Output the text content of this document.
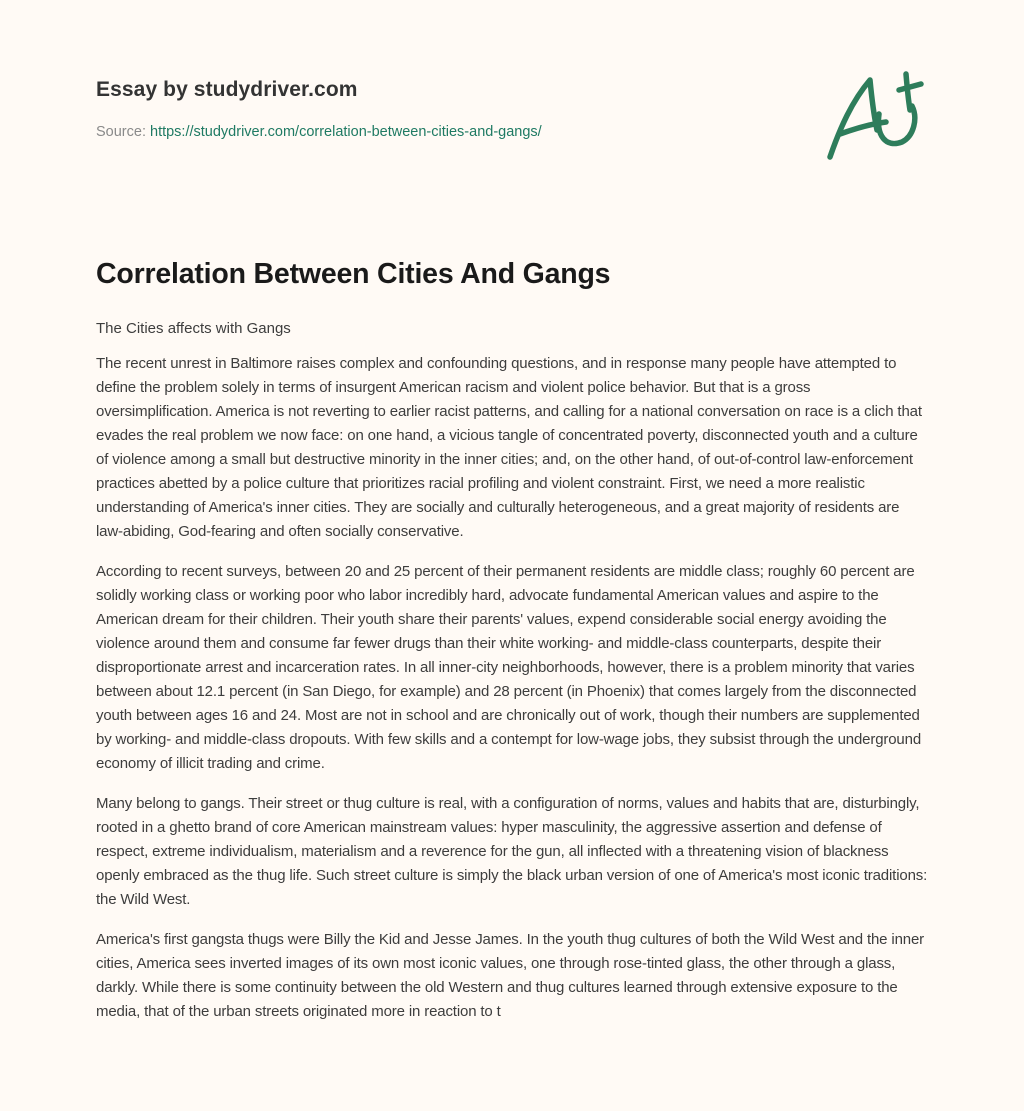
Essay by studydriver.com
Source: https://studydriver.com/correlation-between-cities-and-gangs/
Correlation Between Cities And Gangs

The Cities affects with Gangs

The recent unrest in Baltimore raises complex and confounding questions, and in response many people have attempted to define the problem solely in terms of insurgent American racism and violent police behavior. But that is a gross oversimplification. America is not reverting to earlier racist patterns, and calling for a national conversation on race is a clich that evades the real problem we now face: on one hand, a vicious tangle of concentrated poverty, disconnected youth and a culture of violence among a small but destructive minority in the inner cities; and, on the other hand, of out-of-control law-enforcement practices abetted by a police culture that prioritizes racial profiling and violent constraint. First, we need a more realistic understanding of America's inner cities. They are socially and culturally heterogeneous, and a great majority of residents are law-abiding, God-fearing and often socially conservative.

According to recent surveys, between 20 and 25 percent of their permanent residents are middle class; roughly 60 percent are solidly working class or working poor who labor incredibly hard, advocate fundamental American values and aspire to the American dream for their children. Their youth share their parents' values, expend considerable social energy avoiding the violence around them and consume far fewer drugs than their white working- and middle-class counterparts, despite their disproportionate arrest and incarceration rates. In all inner-city neighborhoods, however, there is a problem minority that varies between about 12.1 percent (in San Diego, for example) and 28 percent (in Phoenix) that comes largely from the disconnected youth between ages 16 and 24. Most are not in school and are chronically out of work, though their numbers are supplemented by working- and middle-class dropouts. With few skills and a contempt for low-wage jobs, they subsist through the underground economy of illicit trading and crime.

Many belong to gangs. Their street or thug culture is real, with a configuration of norms, values and habits that are, disturbingly, rooted in a ghetto brand of core American mainstream values: hyper masculinity, the aggressive assertion and defense of respect, extreme individualism, materialism and a reverence for the gun, all inflected with a threatening vision of blackness openly embraced as the thug life. Such street culture is simply the black urban version of one of America's most iconic traditions: the Wild West.

America's first gangsta thugs were Billy the Kid and Jesse James. In the youth thug cultures of both the Wild West and the inner cities, America sees inverted images of its own most iconic values, one through rose-tinted glass, the other through a glass, darkly. While there is some continuity between the old Western and thug cultures learned through extensive exposure to the media, that of the urban streets originated more in reaction to t
